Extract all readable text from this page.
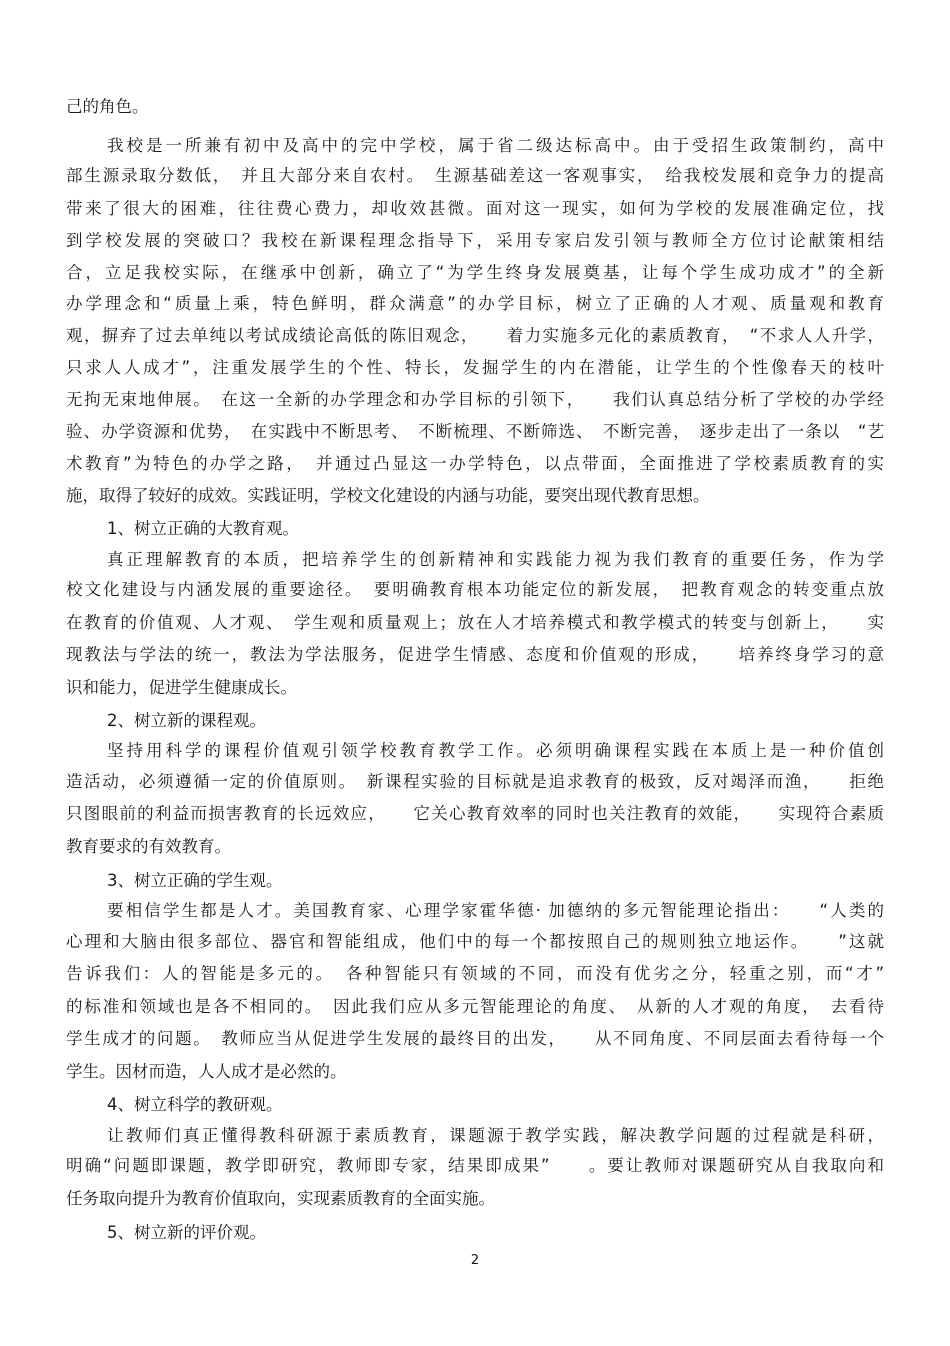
己的角色。
我校是一所兼有初中及高中的完中学校，属于省二级达标高中。由于受招生政策制约，高中
部生源录取分数低，　并且大部分来自农村。　生源基础差这一客观事实，　给我校发展和竞争力的提高
带来了很大的困难，往往费心费力，却收效甚微。面对这一现实，如何为学校的发展准确定位，找
到学校发展的突破口？我校在新课程理念指导下，采用专家启发引领与教师全方位讨论献策相结
合，立足我校实际，在继承中创新，确立了“为学生终身发展奠基，让每个学生成功成才”的全新
办学理念和“质量上乘，特色鲜明，群众满意”的办学目标，树立了正确的人才观、质量观和教育
观，摒弃了过去单纯以考试成绩论高低的陈旧观念，　　着力实施多元化的素质教育，　“不求人人升学，
只求人人成才”，注重发展学生的个性、特长，发掘学生的内在潜能，让学生的个性像春天的枝叶
无拘无束地伸展。　在这一全新的办学理念和办学目标的引领下，　　我们认真总结分析了学校的办学经
验、办学资源和优势，　在实践中不断思考、　不断梳理、不断筛选、　不断完善，　逐步走出了一条以　“艺
术教育”为特色的办学之路，　并通过凸显这一办学特色，以点带面，全面推进了学校素质教育的实
施，取得了较好的成效。实践证明，学校文化建设的内涵与功能，要突出现代教育思想。
1、树立正确的大教育观。
真正理解教育的本质，把培养学生的创新精神和实践能力视为我们教育的重要任务，作为学
校文化建设与内涵发展的重要途径。　要明确教育根本功能定位的新发展，　把教育观念的转变重点放
在教育的价值观、人才观、　学生观和质量观上；放在人才培养模式和教学模式的转变与创新上，　　实
现教法与学法的统一，教法为学法服务，促进学生情感、态度和价值观的形成，　　培养终身学习的意
识和能力，促进学生健康成长。
2、树立新的课程观。
坚持用科学的课程价值观引领学校教育教学工作。必须明确课程实践在本质上是一种价值创
造活动，必须遵循一定的价值原则。　新课程实验的目标就是追求教育的极致，反对竭泽而渔，　　拒绝
只图眼前的利益而损害教育的长远效应，　　它关心教育效率的同时也关注教育的效能，　　实现符合素质
教育要求的有效教育。
3、树立正确的学生观。
要相信学生都是人才。美国教育家、心理学家霍华德· 加德纳的多元智能理论指出：　　“人类的
心理和大脑由很多部位、器官和智能组成，他们中的每一个都按照自己的规则独立地运作。　　”这就
告诉我们：人的智能是多元的。　各种智能只有领域的不同，而没有优劣之分，轻重之别，而“才”
的标准和领域也是各不相同的。　因此我们应从多元智能理论的角度、　从新的人才观的角度，　去看待
学生成才的问题。　教师应当从促进学生发展的最终目的出发，　　从不同角度、不同层面去看待每一个
学生。因材而造，人人成才是必然的。
4、树立科学的教研观。
让教师们真正懂得教科研源于素质教育，课题源于教学实践，解决教学问题的过程就是科研，
明确“问题即课题，教学即研究，教师即专家，结果即成果”　　。要让教师对课题研究从自我取向和
任务取向提升为教育价值取向，实现素质教育的全面实施。
5、树立新的评价观。
2
